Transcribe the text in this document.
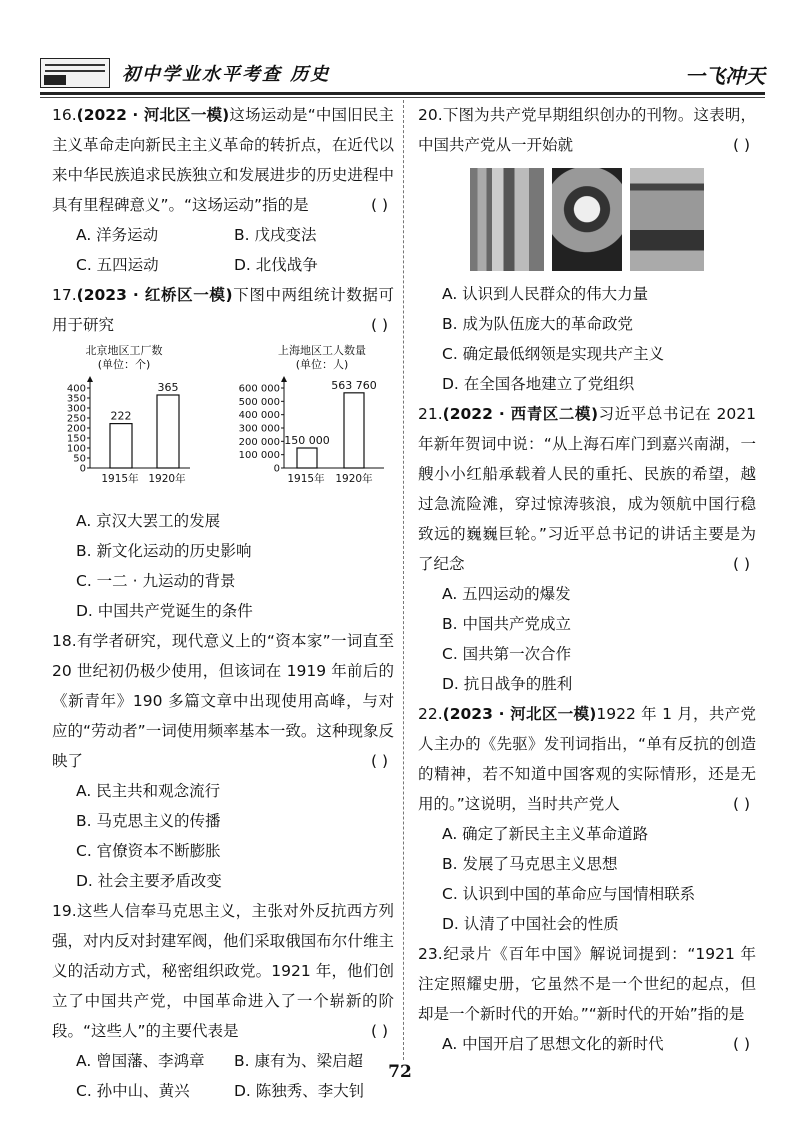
初中学业水平考查 历史	一飞冲天
16.(2022 · 河北区一模)这场运动是“中国旧民主主义革命走向新民主主义革命的转折点，在近代以来中华民族追求民族独立和发展进步的历史进程中具有里程碑意义”。“这场运动”指的是	( )
A. 洋务运动	B. 戊戌变法
C. 五四运动	D. 北伐战争
17.(2023 · 红桥区一模)下图中两组统计数据可用于研究	( )
北京地区工厂数
(单位：个)
400
350
300
250
200
150
100
50
0
222
1915年
365
1920年
上海地区工人数量
(单位：人)
600 000
500 000
400 000
300 000
200 000
100 000
0
150 000
1915年
563 760
1920年
A. 京汉大罢工的发展
B. 新文化运动的历史影响
C. 一二 · 九运动的背景
D. 中国共产党诞生的条件
18.有学者研究，现代意义上的“资本家”一词直至 20 世纪初仍极少使用，但该词在 1919 年前后的《新青年》190 多篇文章中出现使用高峰，与对应的“劳动者”一词使用频率基本一致。这种现象反映了	( )
A. 民主共和观念流行
B. 马克思主义的传播
C. 官僚资本不断膨胀
D. 社会主要矛盾改变
19.这些人信奉马克思主义，主张对外反抗西方列强，对内反对封建军阀，他们采取俄国布尔什维主义的活动方式，秘密组织政党。1921 年，他们创立了中国共产党，中国革命进入了一个崭新的阶段。“这些人”的主要代表是	( )
A. 曾国藩、李鸿章	B. 康有为、梁启超
C. 孙中山、黄兴	D. 陈独秀、李大钊
20.下图为共产党早期组织创办的刊物。这表明，中国共产党从一开始就	( )
A. 认识到人民群众的伟大力量
B. 成为队伍庞大的革命政党
C. 确定最低纲领是实现共产主义
D. 在全国各地建立了党组织
21.(2022 · 西青区二模)习近平总书记在 2021 年新年贺词中说：“从上海石库门到嘉兴南湖，一艘小小红船承载着人民的重托、民族的希望，越过急流险滩，穿过惊涛骇浪，成为领航中国行稳致远的巍巍巨轮。”习近平总书记的讲话主要是为了纪念	( )
A. 五四运动的爆发
B. 中国共产党成立
C. 国共第一次合作
D. 抗日战争的胜利
22.(2023 · 河北区一模)1922 年 1 月，共产党人主办的《先驱》发刊词指出，“单有反抗的创造的精神，若不知道中国客观的实际情形，还是无用的。”这说明，当时共产党人	( )
A. 确定了新民主主义革命道路
B. 发展了马克思主义思想
C. 认识到中国的革命应与国情相联系
D. 认清了中国社会的性质
23.纪录片《百年中国》解说词提到：“1921 年注定照耀史册，它虽然不是一个世纪的起点，但却是一个新时代的开始。”“新时代的开始”指的是
( )
A. 中国开启了思想文化的新时代
72
